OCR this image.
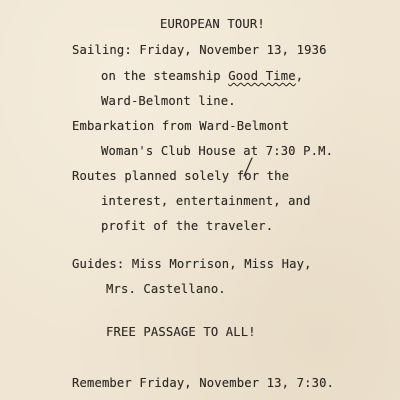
EUROPEAN TOUR!
Sailing: Friday, November 13, 1936
on the steamship Good Time,
Ward-Belmont line.
Embarkation from Ward-Belmont
Woman's Club House at 7:30 P.M.
Routes planned solely for the
interest, entertainment, and
profit of the traveler.
Guides: Miss Morrison, Miss Hay,
Mrs. Castellano.
FREE PASSAGE TO ALL!
Remember Friday, November 13, 7:30.
